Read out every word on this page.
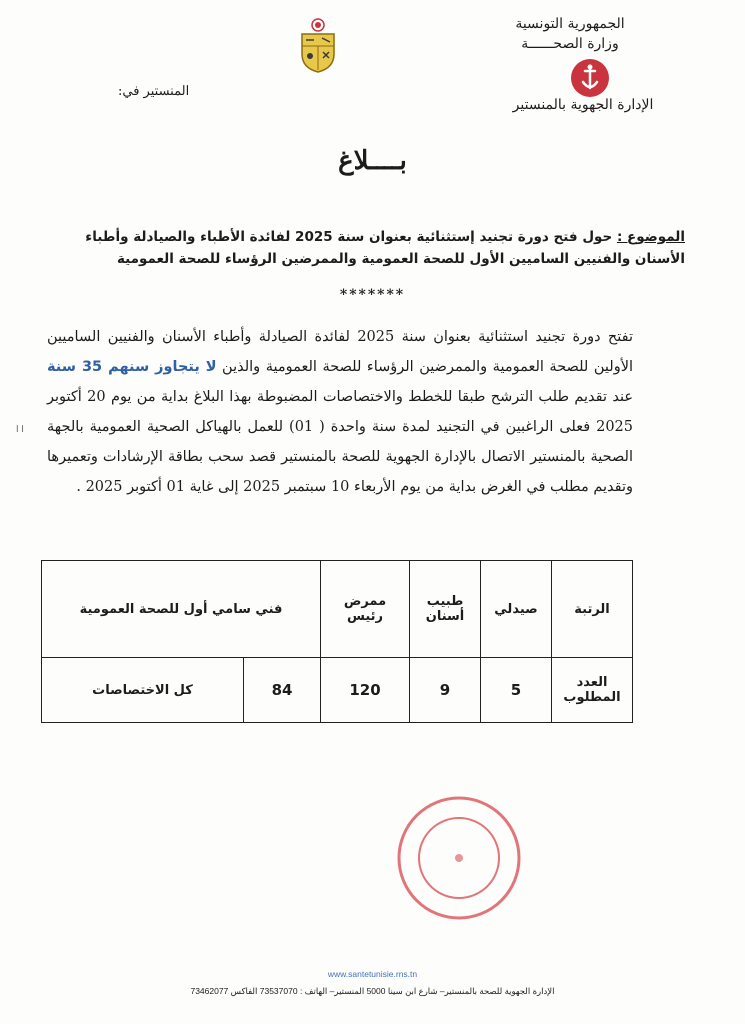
الجمهورية التونسية
وزارة الصحــــــة
الإدارة الجهوية بالمنستير
المنستير في:
بــــلاغ
الموضوع : حول فتح دورة تجنيد إستثنائية بعنوان سنة 2025 لفائدة الأطباء والصيادلة وأطباء الأسنان والفنيين الساميين الأول للصحة العمومية والممرضين الرؤساء للصحة العمومية
*******
تفتح دورة تجنيد استثنائية بعنوان سنة 2025 لفائدة الصيادلة وأطباء الأسنان والفنيين الساميين الأولين للصحة العمومية والممرضين الرؤساء للصحة العمومية والذين لا يتجاوز سنهم 35 سنة عند تقديم طلب الترشح طبقا للخطط والاختصاصات المضبوطة بهذا البلاغ بداية من يوم 20 أكتوبر 2025 فعلى الراغبين في التجنيد لمدة سنة واحدة ( 01) للعمل بالهياكل الصحية العمومية بالجهة الصحية بالمنستير الاتصال بالإدارة الجهوية للصحة بالمنستير قصد سحب بطاقة الإرشادات وتعميرها وتقديم مطلب في الغرض بداية من يوم الأربعاء 10 سبتمبر 2025 إلى غاية 01 أكتوبر 2025 .
ا ا
الرتبة	صيدلي	طبيب أسنان	ممرض رئيس	فني سامي أول للصحة العمومية	
العدد المطلوب	5	9	120	84	كل الاختصاصات
www.santetunisie.rns.tn
الإدارة الجهوية للصحة بالمنستير– شارع ابن سينا 5000 المنستير– الهاتف : 73537070 الفاكس 73462077
